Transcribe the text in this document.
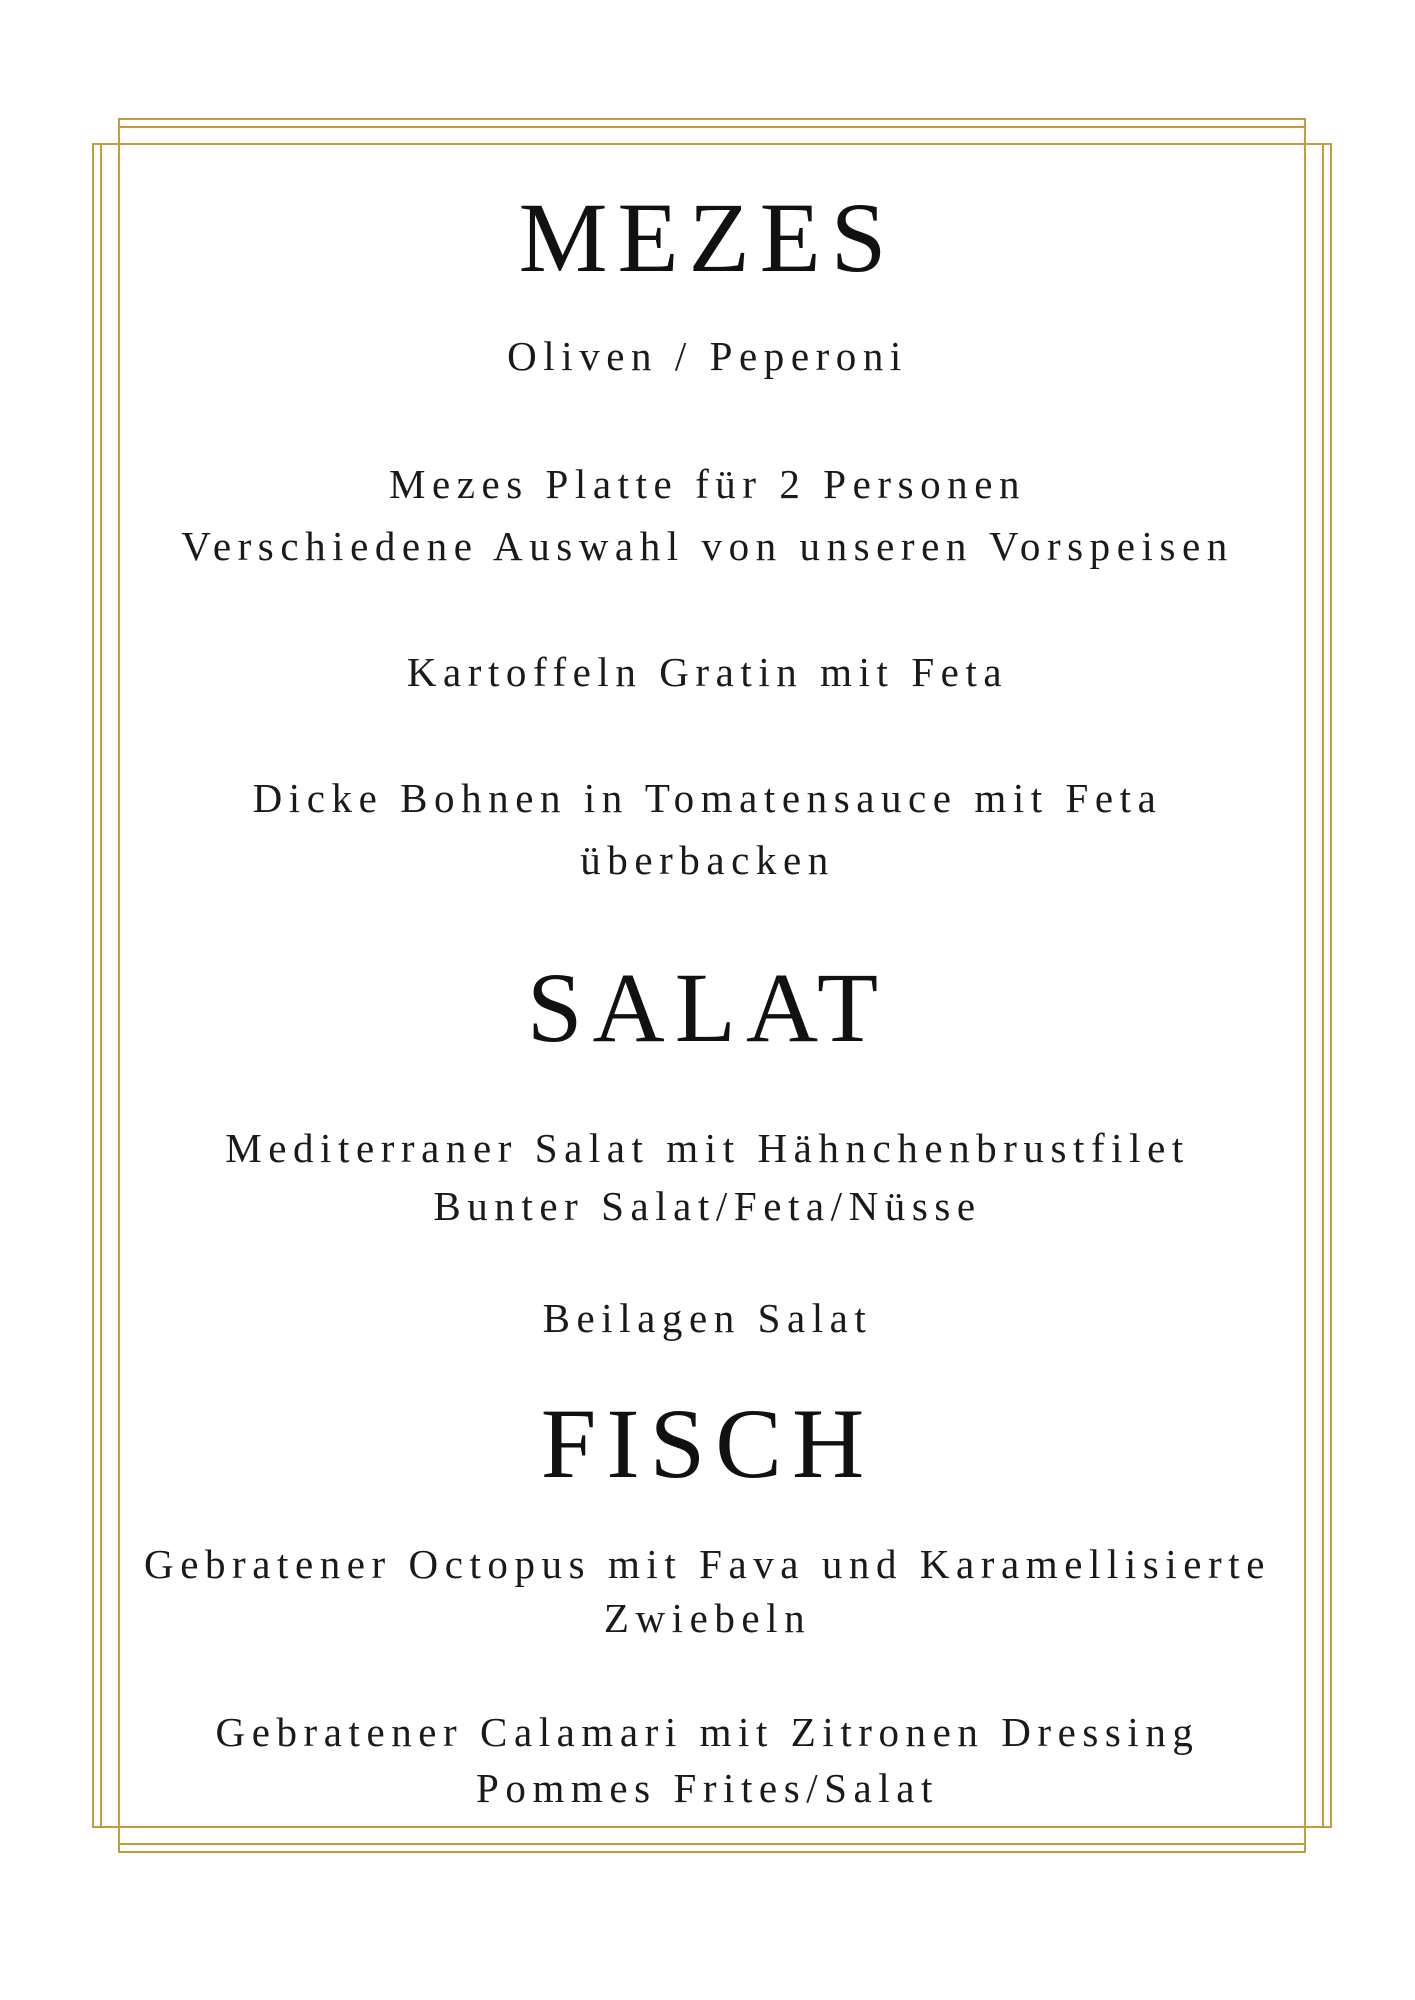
MEZES
Oliven / Peperoni
Mezes Platte für 2 Personen
Verschiedene Auswahl von unseren Vorspeisen
Kartoffeln Gratin mit Feta
Dicke Bohnen in Tomatensauce mit Feta
überbacken
SALAT
Mediterraner Salat mit Hähnchenbrustfilet
Bunter Salat/Feta/Nüsse
Beilagen Salat
FISCH
Gebratener Octopus mit Fava und Karamellisierte
Zwiebeln
Gebratener Calamari mit Zitronen Dressing
Pommes Frites/Salat
